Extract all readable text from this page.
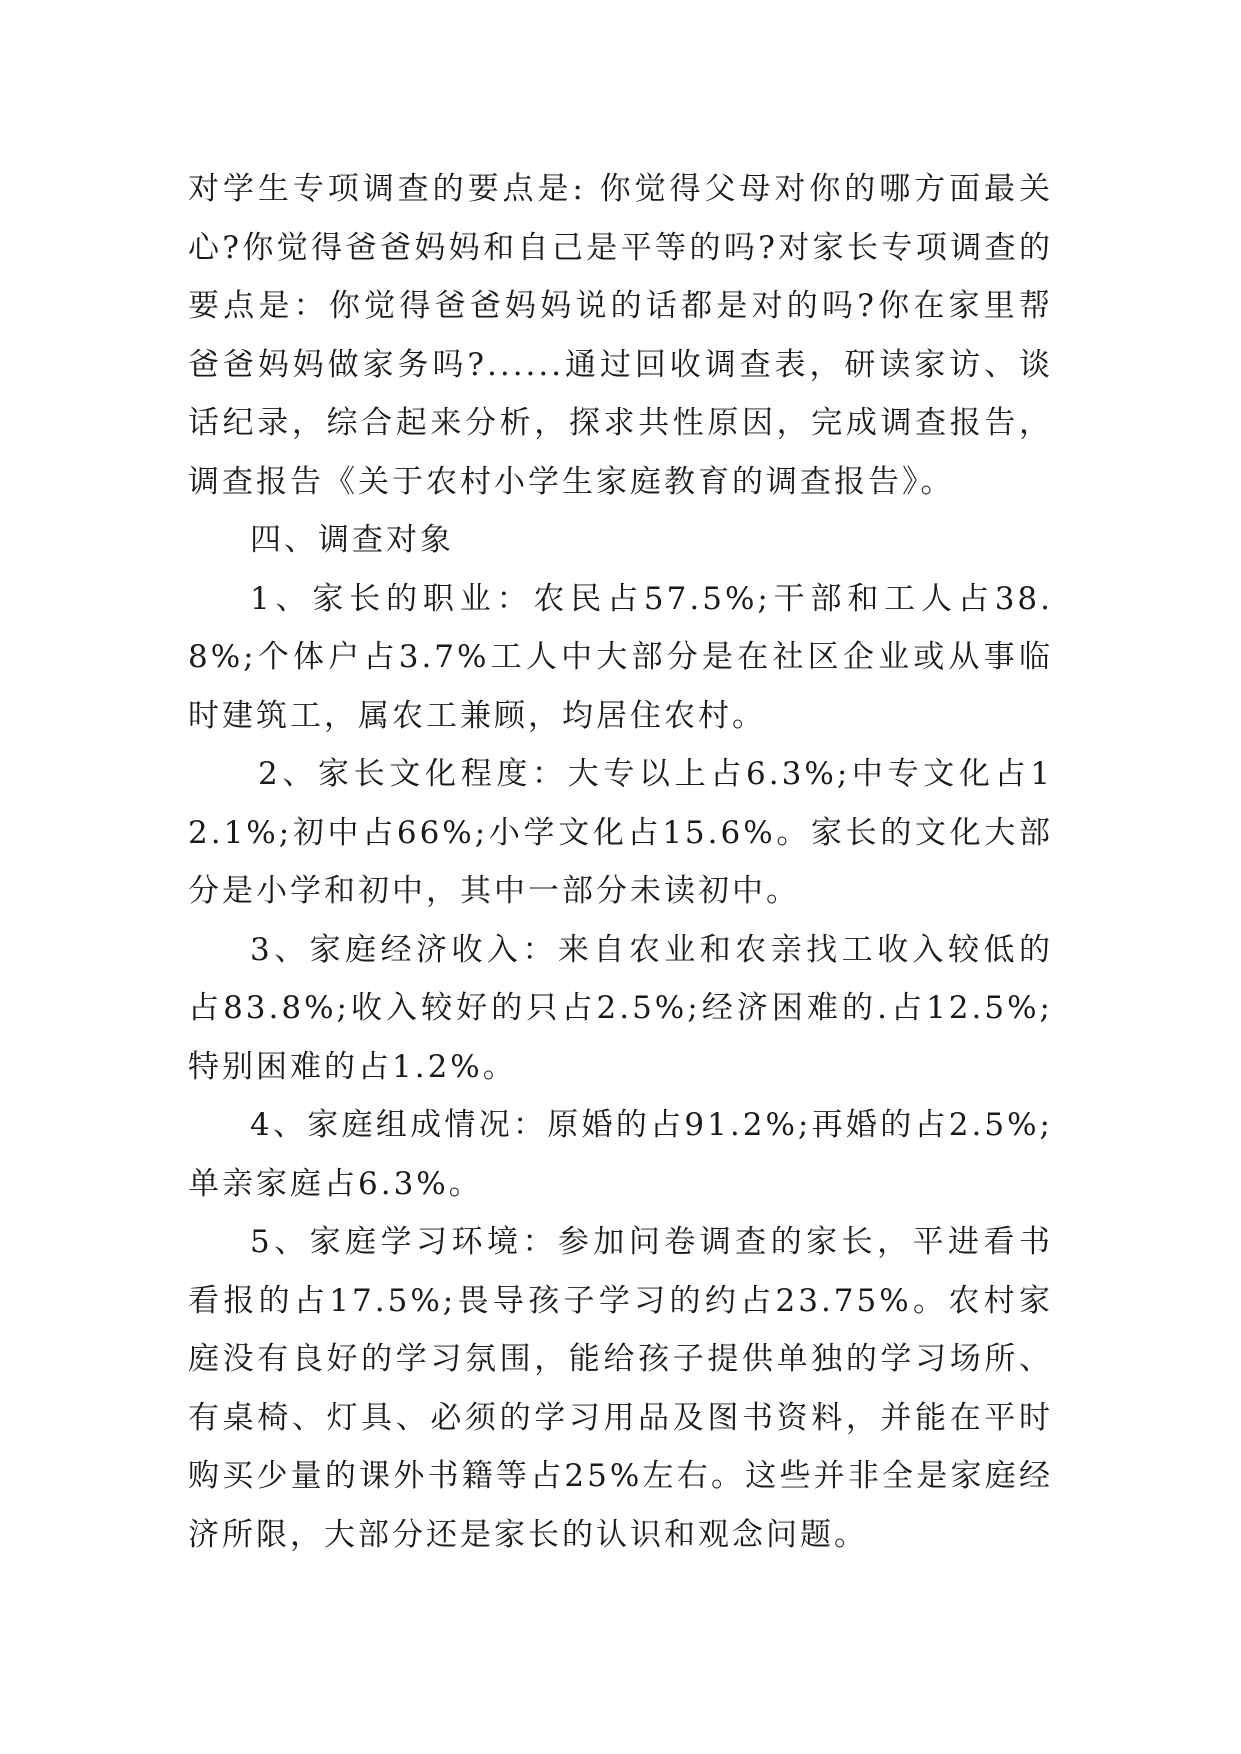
对学生专项调查的要点是: 你觉得父母对你的哪方面最关心?你觉得爸爸妈妈和自己是平等的吗?对家长专项调查的要点是：你觉得爸爸妈妈说的话都是对的吗?你在家里帮爸爸妈妈做家务吗?......通过回收调查表，研读家访、谈话纪录，综合起来分析，探求共性原因，完成调查报告，调查报告《关于农村小学生家庭教育的调查报告》。

四、调查对象

1、家长的职业：农民占57.5%;干部和工人占38.8%;个体户占3.7%工人中大部分是在社区企业或从事临时建筑工，属农工兼顾，均居住农村。

2、家长文化程度：大专以上占6.3%;中专文化占12.1%;初中占66%;小学文化占15.6%。家长的文化大部分是小学和初中，其中一部分未读初中。

3、家庭经济收入：来自农业和农亲找工收入较低的占83.8%;收入较好的只占2.5%;经济困难的.占12.5%;特别困难的占1.2%。

4、家庭组成情况：原婚的占91.2%;再婚的占2.5%;单亲家庭占6.3%。

5、家庭学习环境：参加问卷调查的家长，平进看书看报的占17.5%;畏导孩子学习的约占23.75%。农村家庭没有良好的学习氛围，能给孩子提供单独的学习场所、有桌椅、灯具、必须的学习用品及图书资料，并能在平时购买少量的课外书籍等占25%左右。这些并非全是家庭经济所限，大部分还是家长的认识和观念问题。
